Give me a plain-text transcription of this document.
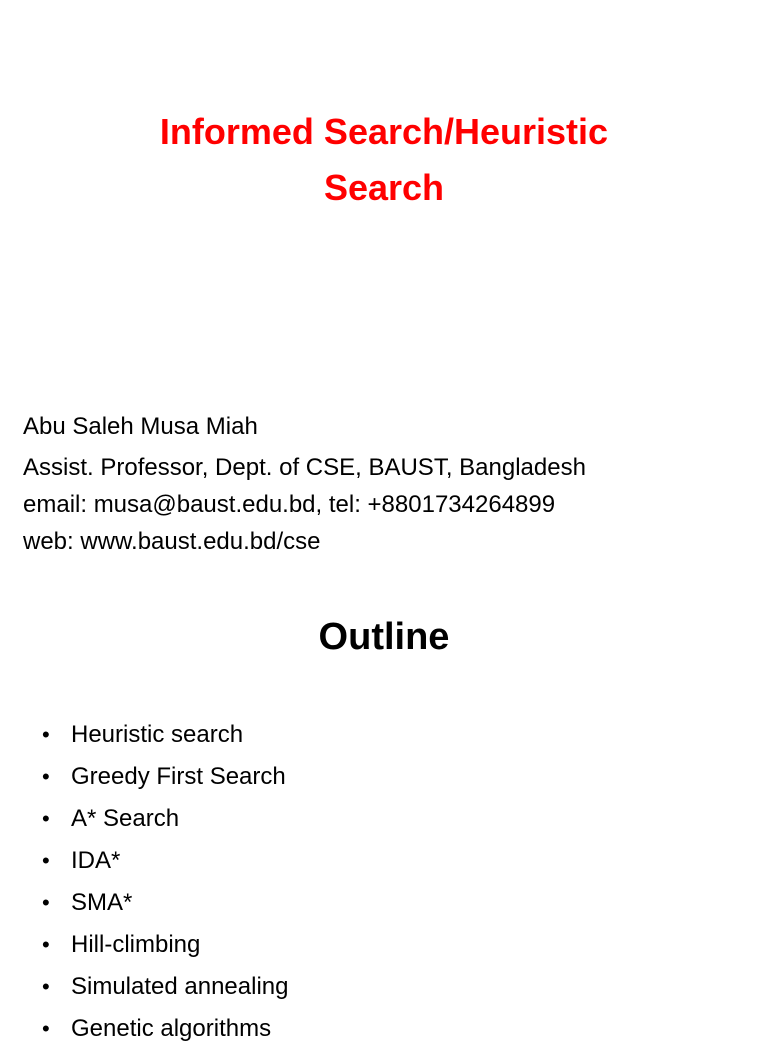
Informed Search/Heuristic
Search
Abu Saleh Musa Miah
Assist. Professor, Dept. of CSE, BAUST, Bangladesh
email: musa@baust.edu.bd, tel: +8801734264899
web: www.baust.edu.bd/cse
Outline
• Heuristic search
• Greedy First Search
• A* Search
• IDA*
• SMA*
• Hill-climbing
• Simulated annealing
• Genetic algorithms
